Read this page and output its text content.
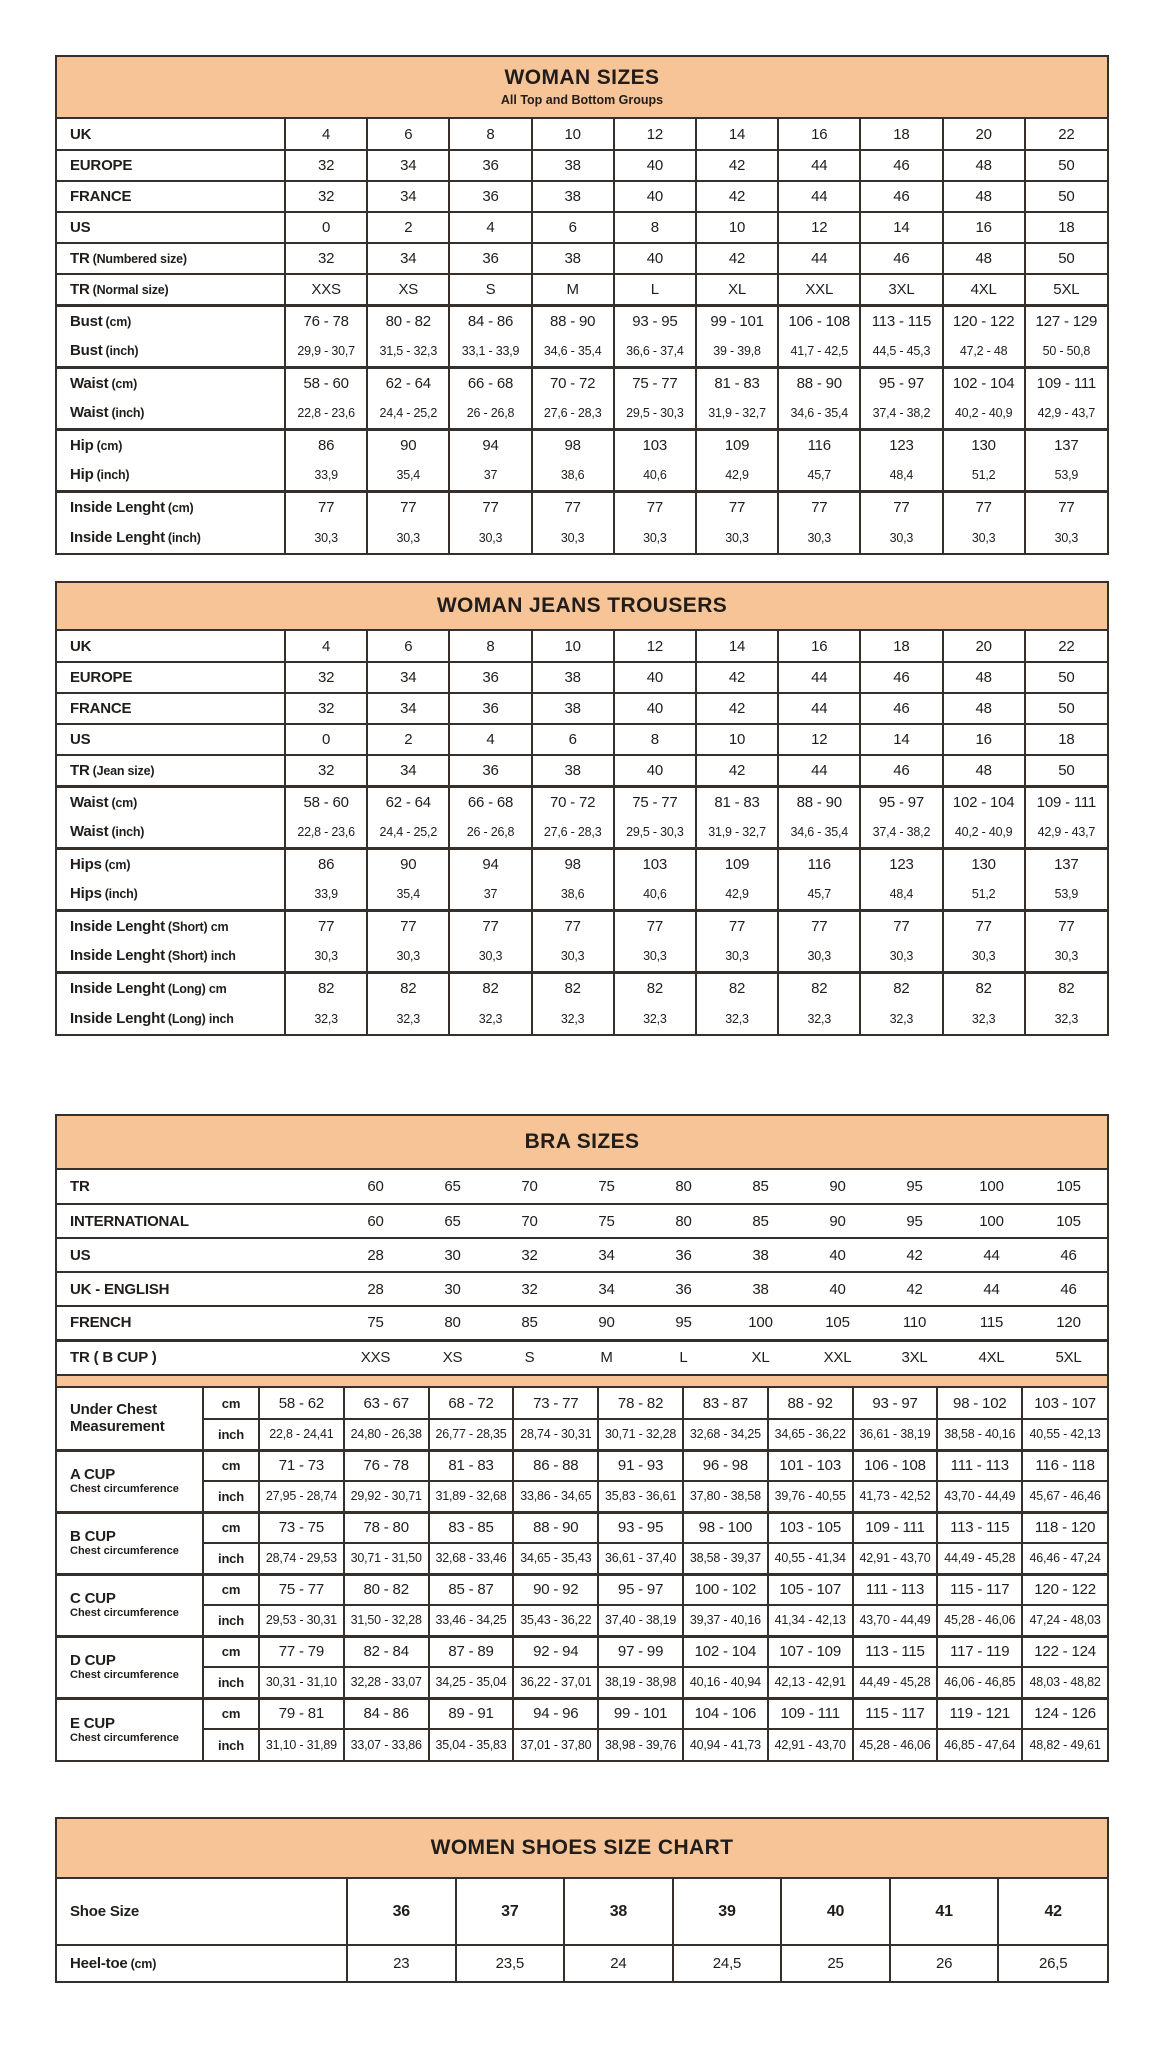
WOMAN SIZES
All Top and Bottom Groups
UK	4	6	8	10	12	14	16	18	20	22
EUROPE	32	34	36	38	40	42	44	46	48	50
FRANCE	32	34	36	38	40	42	44	46	48	50
US	0	2	4	6	8	10	12	14	16	18
TR (Numbered size)	32	34	36	38	40	42	44	46	48	50
TR (Normal size)	XXS	XS	S	M	L	XL	XXL	3XL	4XL	5XL
Bust (cm)	76 - 78	80 - 82	84 - 86	88 - 90	93 - 95	99 - 101	106 - 108	113 - 115	120 - 122	127 - 129
Bust (inch)	29,9 - 30,7	31,5 - 32,3	33,1 - 33,9	34,6 - 35,4	36,6 - 37,4	39 - 39,8	41,7 - 42,5	44,5 - 45,3	47,2 - 48	50 - 50,8
Waist (cm)	58 - 60	62 - 64	66 - 68	70 - 72	75 - 77	81 - 83	88 - 90	95 - 97	102 - 104	109 - 111
Waist (inch)	22,8 - 23,6	24,4 - 25,2	26 - 26,8	27,6 - 28,3	29,5 - 30,3	31,9 - 32,7	34,6 - 35,4	37,4 - 38,2	40,2 - 40,9	42,9 - 43,7
Hip (cm)	86	90	94	98	103	109	116	123	130	137
Hip (inch)	33,9	35,4	37	38,6	40,6	42,9	45,7	48,4	51,2	53,9
Inside Lenght (cm)	77	77	77	77	77	77	77	77	77	77
Inside Lenght (inch)	30,3	30,3	30,3	30,3	30,3	30,3	30,3	30,3	30,3	30,3
WOMAN JEANS TROUSERS
UK	4	6	8	10	12	14	16	18	20	22
EUROPE	32	34	36	38	40	42	44	46	48	50
FRANCE	32	34	36	38	40	42	44	46	48	50
US	0	2	4	6	8	10	12	14	16	18
TR (Jean size)	32	34	36	38	40	42	44	46	48	50
Waist (cm)	58 - 60	62 - 64	66 - 68	70 - 72	75 - 77	81 - 83	88 - 90	95 - 97	102 - 104	109 - 111
Waist (inch)	22,8 - 23,6	24,4 - 25,2	26 - 26,8	27,6 - 28,3	29,5 - 30,3	31,9 - 32,7	34,6 - 35,4	37,4 - 38,2	40,2 - 40,9	42,9 - 43,7
Hips (cm)	86	90	94	98	103	109	116	123	130	137
Hips (inch)	33,9	35,4	37	38,6	40,6	42,9	45,7	48,4	51,2	53,9
Inside Lenght (Short) cm	77	77	77	77	77	77	77	77	77	77
Inside Lenght (Short) inch	30,3	30,3	30,3	30,3	30,3	30,3	30,3	30,3	30,3	30,3
Inside Lenght (Long) cm	82	82	82	82	82	82	82	82	82	82
Inside Lenght (Long) inch	32,3	32,3	32,3	32,3	32,3	32,3	32,3	32,3	32,3	32,3
BRA SIZES
TR	60	65	70	75	80	85	90	95	100	105
INTERNATIONAL	60	65	70	75	80	85	90	95	100	105
US	28	30	32	34	36	38	40	42	44	46
UK - ENGLISH	28	30	32	34	36	38	40	42	44	46
FRENCH	75	80	85	90	95	100	105	110	115	120
TR ( B CUP )	XXS	XS	S	M	L	XL	XXL	3XL	4XL	5XL
Under Chest Measurement	cm	58 - 62	63 - 67	68 - 72	73 - 77	78 - 82	83 - 87	88 - 92	93 - 97	98 - 102	103 - 107
	inch	22,8 - 24,41	24,80 - 26,38	26,77 - 28,35	28,74 - 30,31	30,71 - 32,28	32,68 - 34,25	34,65 - 36,22	36,61 - 38,19	38,58 - 40,16	40,55 - 42,13
A CUP
Chest circumference	cm	71 - 73	76 - 78	81 - 83	86 - 88	91 - 93	96 - 98	101 - 103	106 - 108	111 - 113	116 - 118
	inch	27,95 - 28,74	29,92 - 30,71	31,89 - 32,68	33,86 - 34,65	35,83 - 36,61	37,80 - 38,58	39,76 - 40,55	41,73 - 42,52	43,70 - 44,49	45,67 - 46,46
B CUP
Chest circumference	cm	73 - 75	78 - 80	83 - 85	88 - 90	93 - 95	98 - 100	103 - 105	109 - 111	113 - 115	118 - 120
	inch	28,74 - 29,53	30,71 - 31,50	32,68 - 33,46	34,65 - 35,43	36,61 - 37,40	38,58 - 39,37	40,55 - 41,34	42,91 - 43,70	44,49 - 45,28	46,46 - 47,24
C CUP
Chest circumference	cm	75 - 77	80 - 82	85 - 87	90 - 92	95 - 97	100 - 102	105 - 107	111 - 113	115 - 117	120 - 122
	inch	29,53 - 30,31	31,50 - 32,28	33,46 - 34,25	35,43 - 36,22	37,40 - 38,19	39,37 - 40,16	41,34 - 42,13	43,70 - 44,49	45,28 - 46,06	47,24 - 48,03
D CUP
Chest circumference	cm	77 - 79	82 - 84	87 - 89	92 - 94	97 - 99	102 - 104	107 - 109	113 - 115	117 - 119	122 - 124
	inch	30,31 - 31,10	32,28 - 33,07	34,25 - 35,04	36,22 - 37,01	38,19 - 38,98	40,16 - 40,94	42,13 - 42,91	44,49 - 45,28	46,06 - 46,85	48,03 - 48,82
E CUP
Chest circumference	cm	79 - 81	84 - 86	89 - 91	94 - 96	99 - 101	104 - 106	109 - 111	115 - 117	119 - 121	124 - 126
	inch	31,10 - 31,89	33,07 - 33,86	35,04 - 35,83	37,01 - 37,80	38,98 - 39,76	40,94 - 41,73	42,91 - 43,70	45,28 - 46,06	46,85 - 47,64	48,82 - 49,61
WOMEN SHOES SIZE CHART
Shoe Size	36	37	38	39	40	41	42
Heel-toe (cm)	23	23,5	24	24,5	25	26	26,5
